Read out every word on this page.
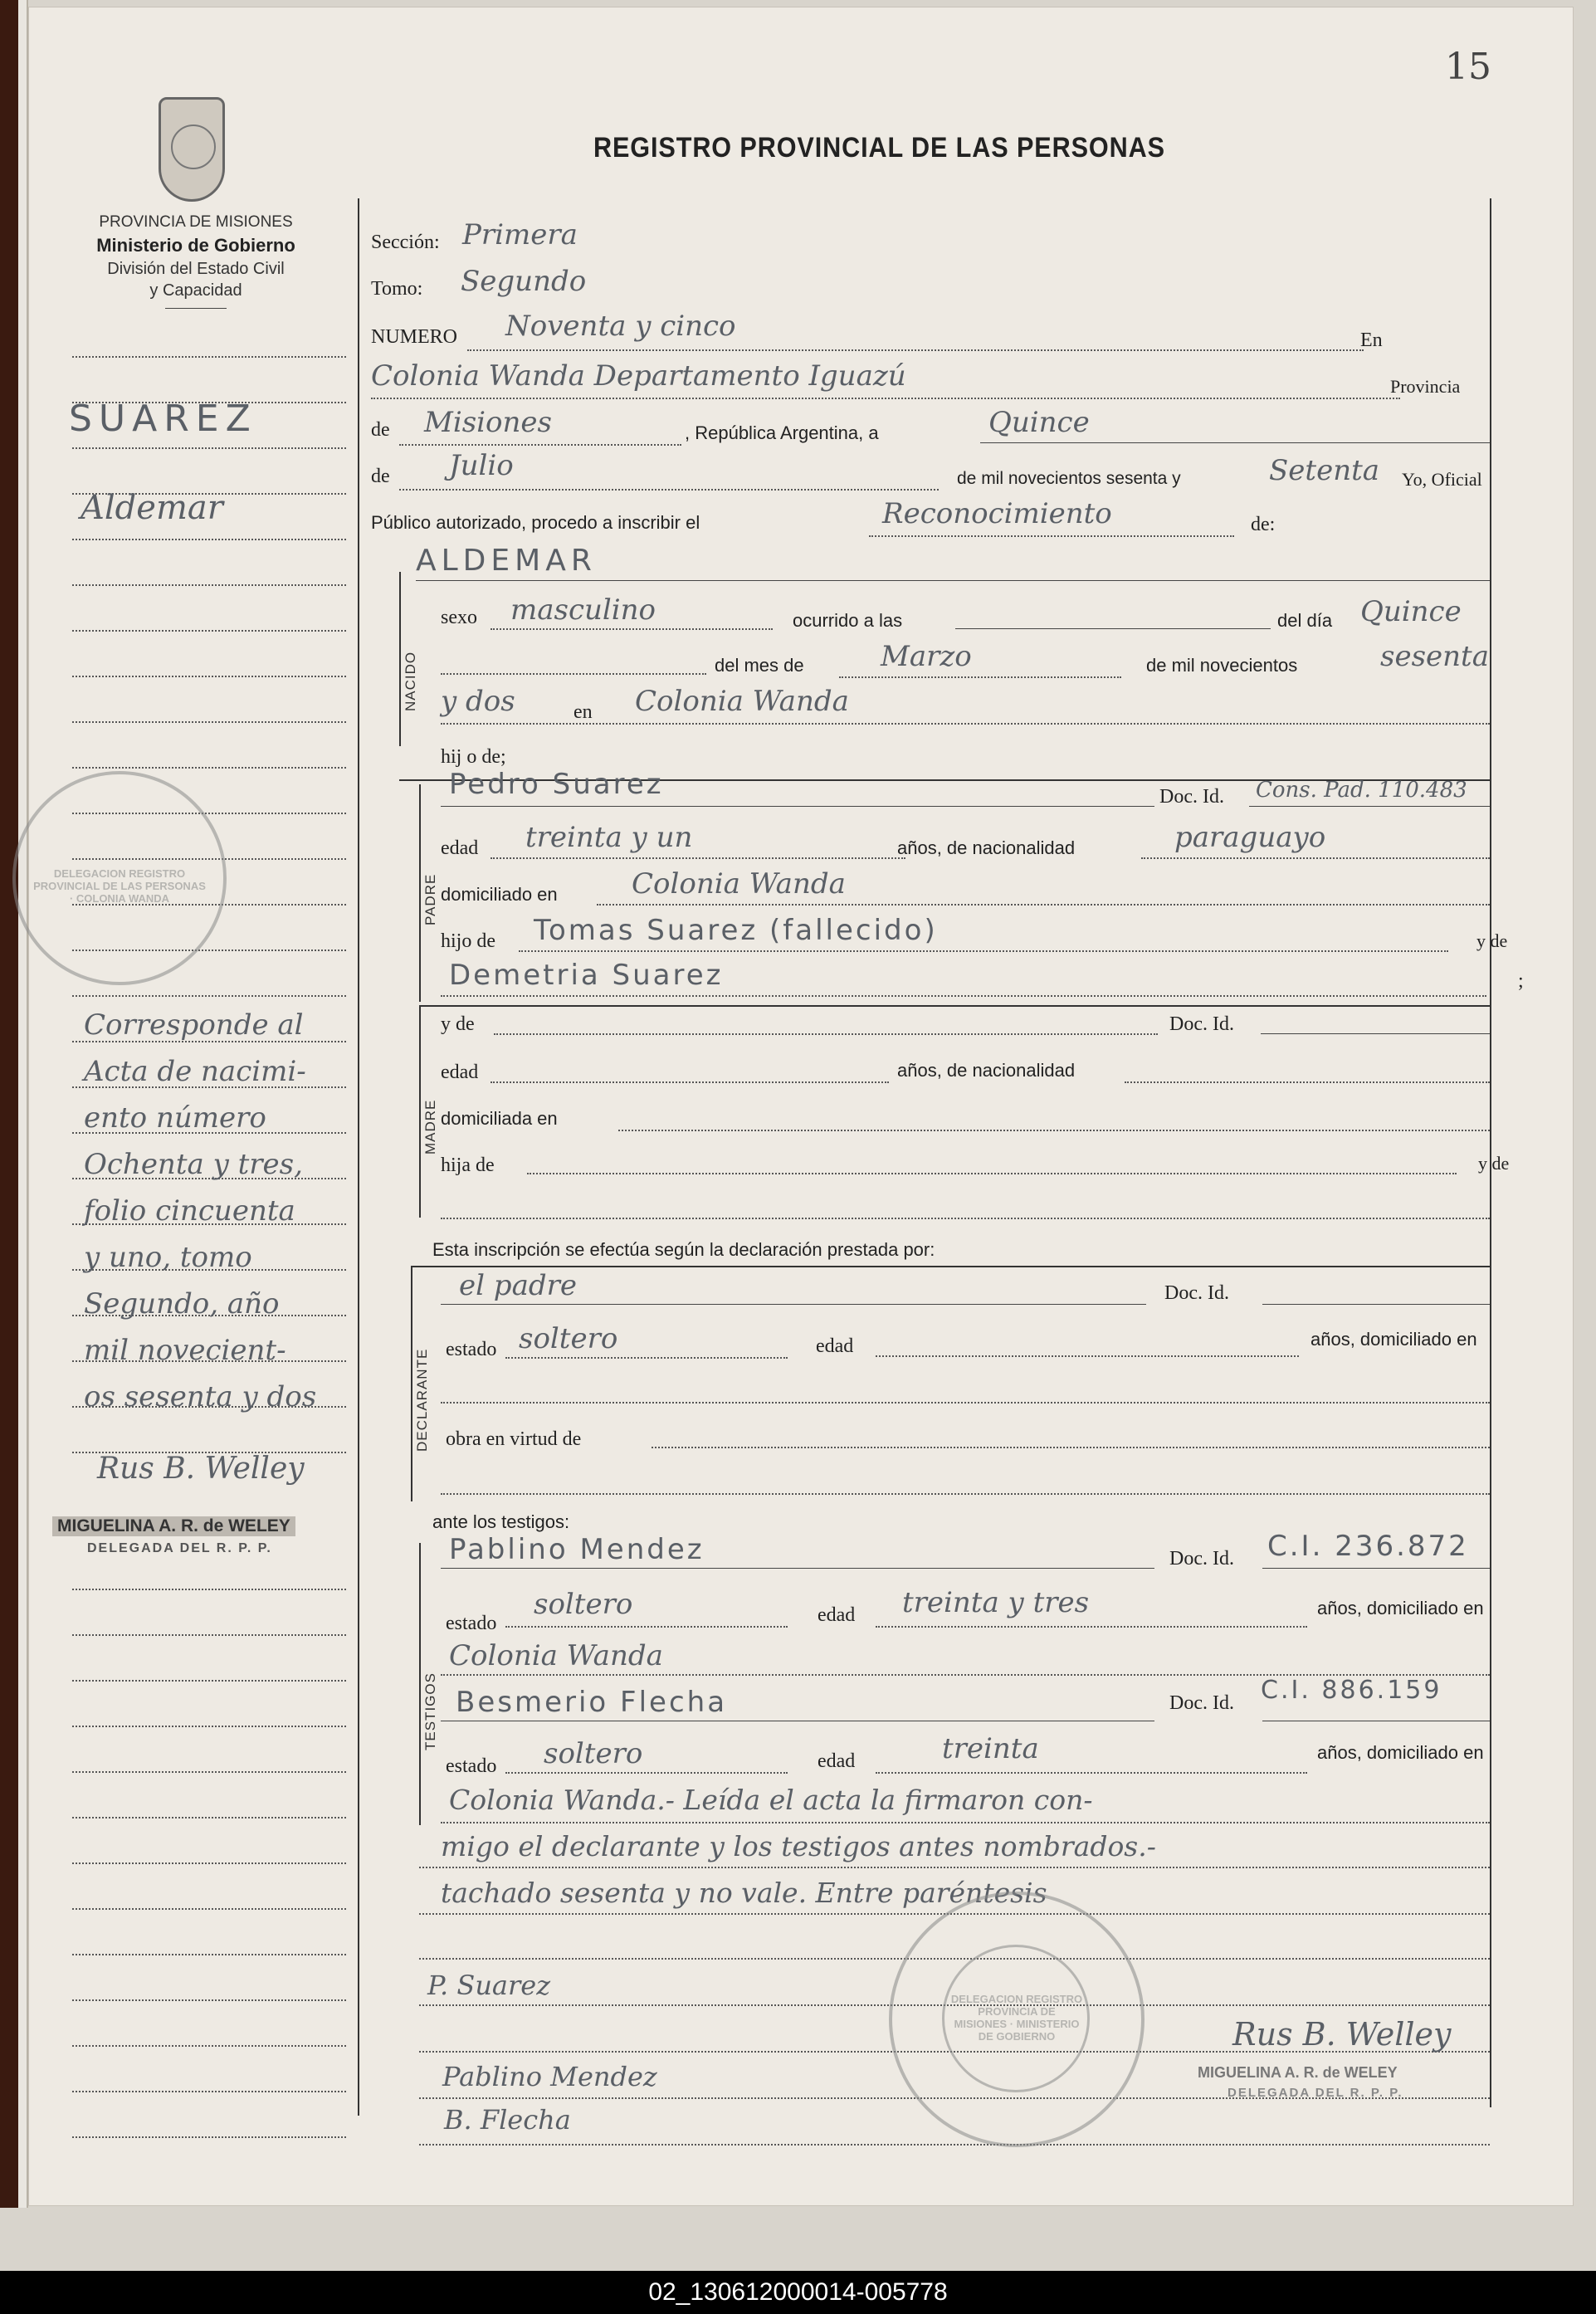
15
PROVINCIA DE MISIONES
Ministerio de Gobierno
División del Estado Civil
y Capacidad
REGISTRO PROVINCIAL DE LAS PERSONAS
SUAREZ
Aldemar
Corresponde al
Acta de nacimi-
ento número
Ochenta y tres,
folio cincuenta
y uno, tomo
Segundo, año
mil novecient-
os sesenta y dos
Rus B. Welley
MIGUELINA A. R. de WELEY
DELEGADA DEL R. P. P.
DELEGACION REGISTRO PROVINCIAL DE LAS PERSONAS · COLONIA WANDA
Sección: Primera
Tomo: Segundo
NUMERO Noventa y cinco	En
Colonia Wanda Departamento Iguazú	Provincia
de Misiones	, República Argentina, a	Quince
de Julio	de mil novecientos sesenta y	Setenta Yo, Oficial
Público autorizado, procedo a inscribir el	Reconocimiento	de:
NACIDO
ALDEMAR
sexo masculino	ocurrido a las	del día Quince
del mes de	Marzo	de mil novecientos	sesenta
y dos	en Colonia Wanda
hij o de;
PADRE
Pedro Suarez	Doc. Id. Cons. Pad. 110.483
edad treinta y un	años, de nacionalidad	paraguayo
domiciliado en	Colonia Wanda
hijo de Tomas Suarez (fallecido)	y de
Demetria Suarez	;
MADRE
y de	Doc. Id.
edad	años, de nacionalidad
domiciliada en
hija de	y de
Esta inscripción se efectúa según la declaración prestada por:
DECLARANTE
el padre	Doc. Id.
estado soltero	edad	años, domiciliado en
obra en virtud de
ante los testigos:
TESTIGOS
Pablino Mendez	Doc. Id. C.I. 236.872
estado
soltero	edad treinta y tres	años, domiciliado en
Colonia Wanda
Besmerio Flecha	Doc. Id. C.I. 886.159
estado soltero	edad	treinta	años, domiciliado en
Colonia Wanda.- Leída el acta la firmaron con-
migo el declarante y los testigos antes nombrados.-
tachado sesenta y no vale. Entre paréntesis
P. Suarez
Pablino Mendez
B. Flecha
Rus B. Welley
MIGUELINA A. R. de WELEY
DELEGADA DEL R. P. P.
DELEGACION REGISTRO PROVINCIA DE MISIONES · MINISTERIO DE GOBIERNO
02_130612000014-005778
